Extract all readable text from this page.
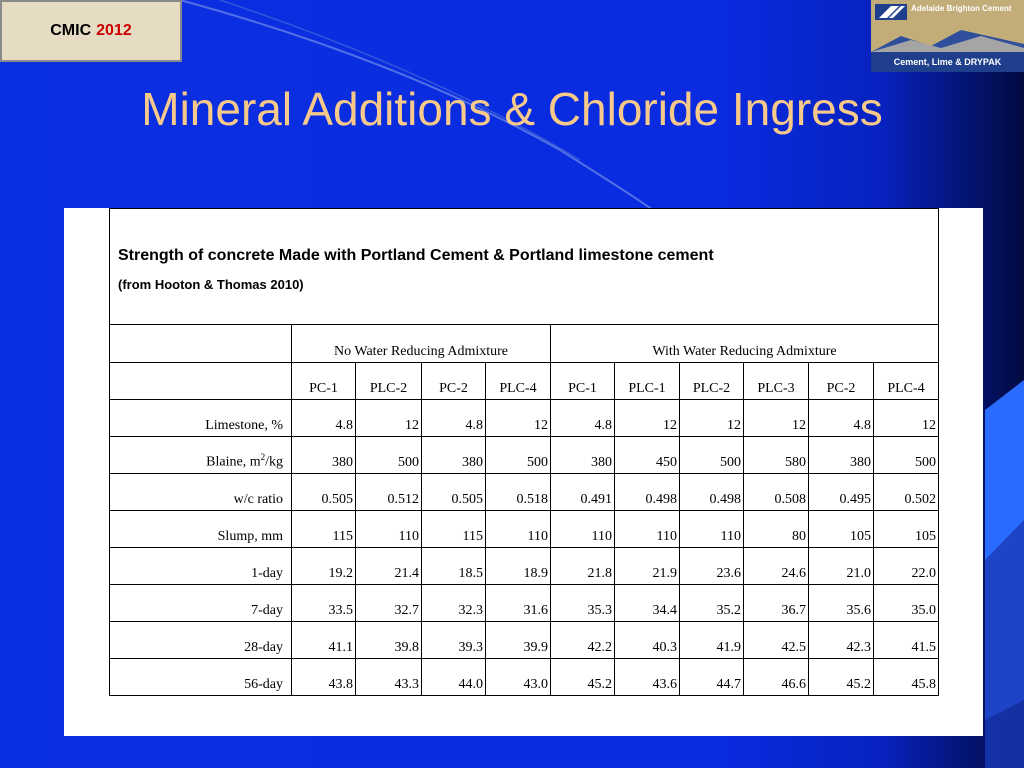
CMIC 2012
Adelaide Brighton Cement
Cement, Lime & DRYPAK
Mineral Additions & Chloride Ingress
Strength of concrete Made with Portland Cement & Portland limestone cement
(from Hooton & Thomas 2010)										

	No Water Reducing Admixture				With Water Reducing Admixture					
	PC-1	PLC-2	PC-2	PLC-4	PC-1	PLC-1	PLC-2	PLC-3	PC-2	PLC-4
Limestone, %	4.8	12	4.8	12	4.8	12	12	12	4.8	12
Blaine, $m^2/kg$	380	500	380	500	380	450	500	580	380	500
w/c ratio	0.505	0.512	0.505	0.518	0.491	0.498	0.498	0.508	0.495	0.502
Slump, mm	115	110	115	110	110	110	110	80	105	105
1-day	19.2	21.4	18.5	18.9	21.8	21.9	23.6	24.6	21.0	22.0
7-day	33.5	32.7	32.3	31.6	35.3	34.4	35.2	36.7	35.6	35.0
28-day	41.1	39.8	39.3	39.9	42.2	40.3	41.9	42.5	42.3	41.5
56-day	43.8	43.3	44.0	43.0	45.2	43.6	44.7	46.6	45.2	45.8
